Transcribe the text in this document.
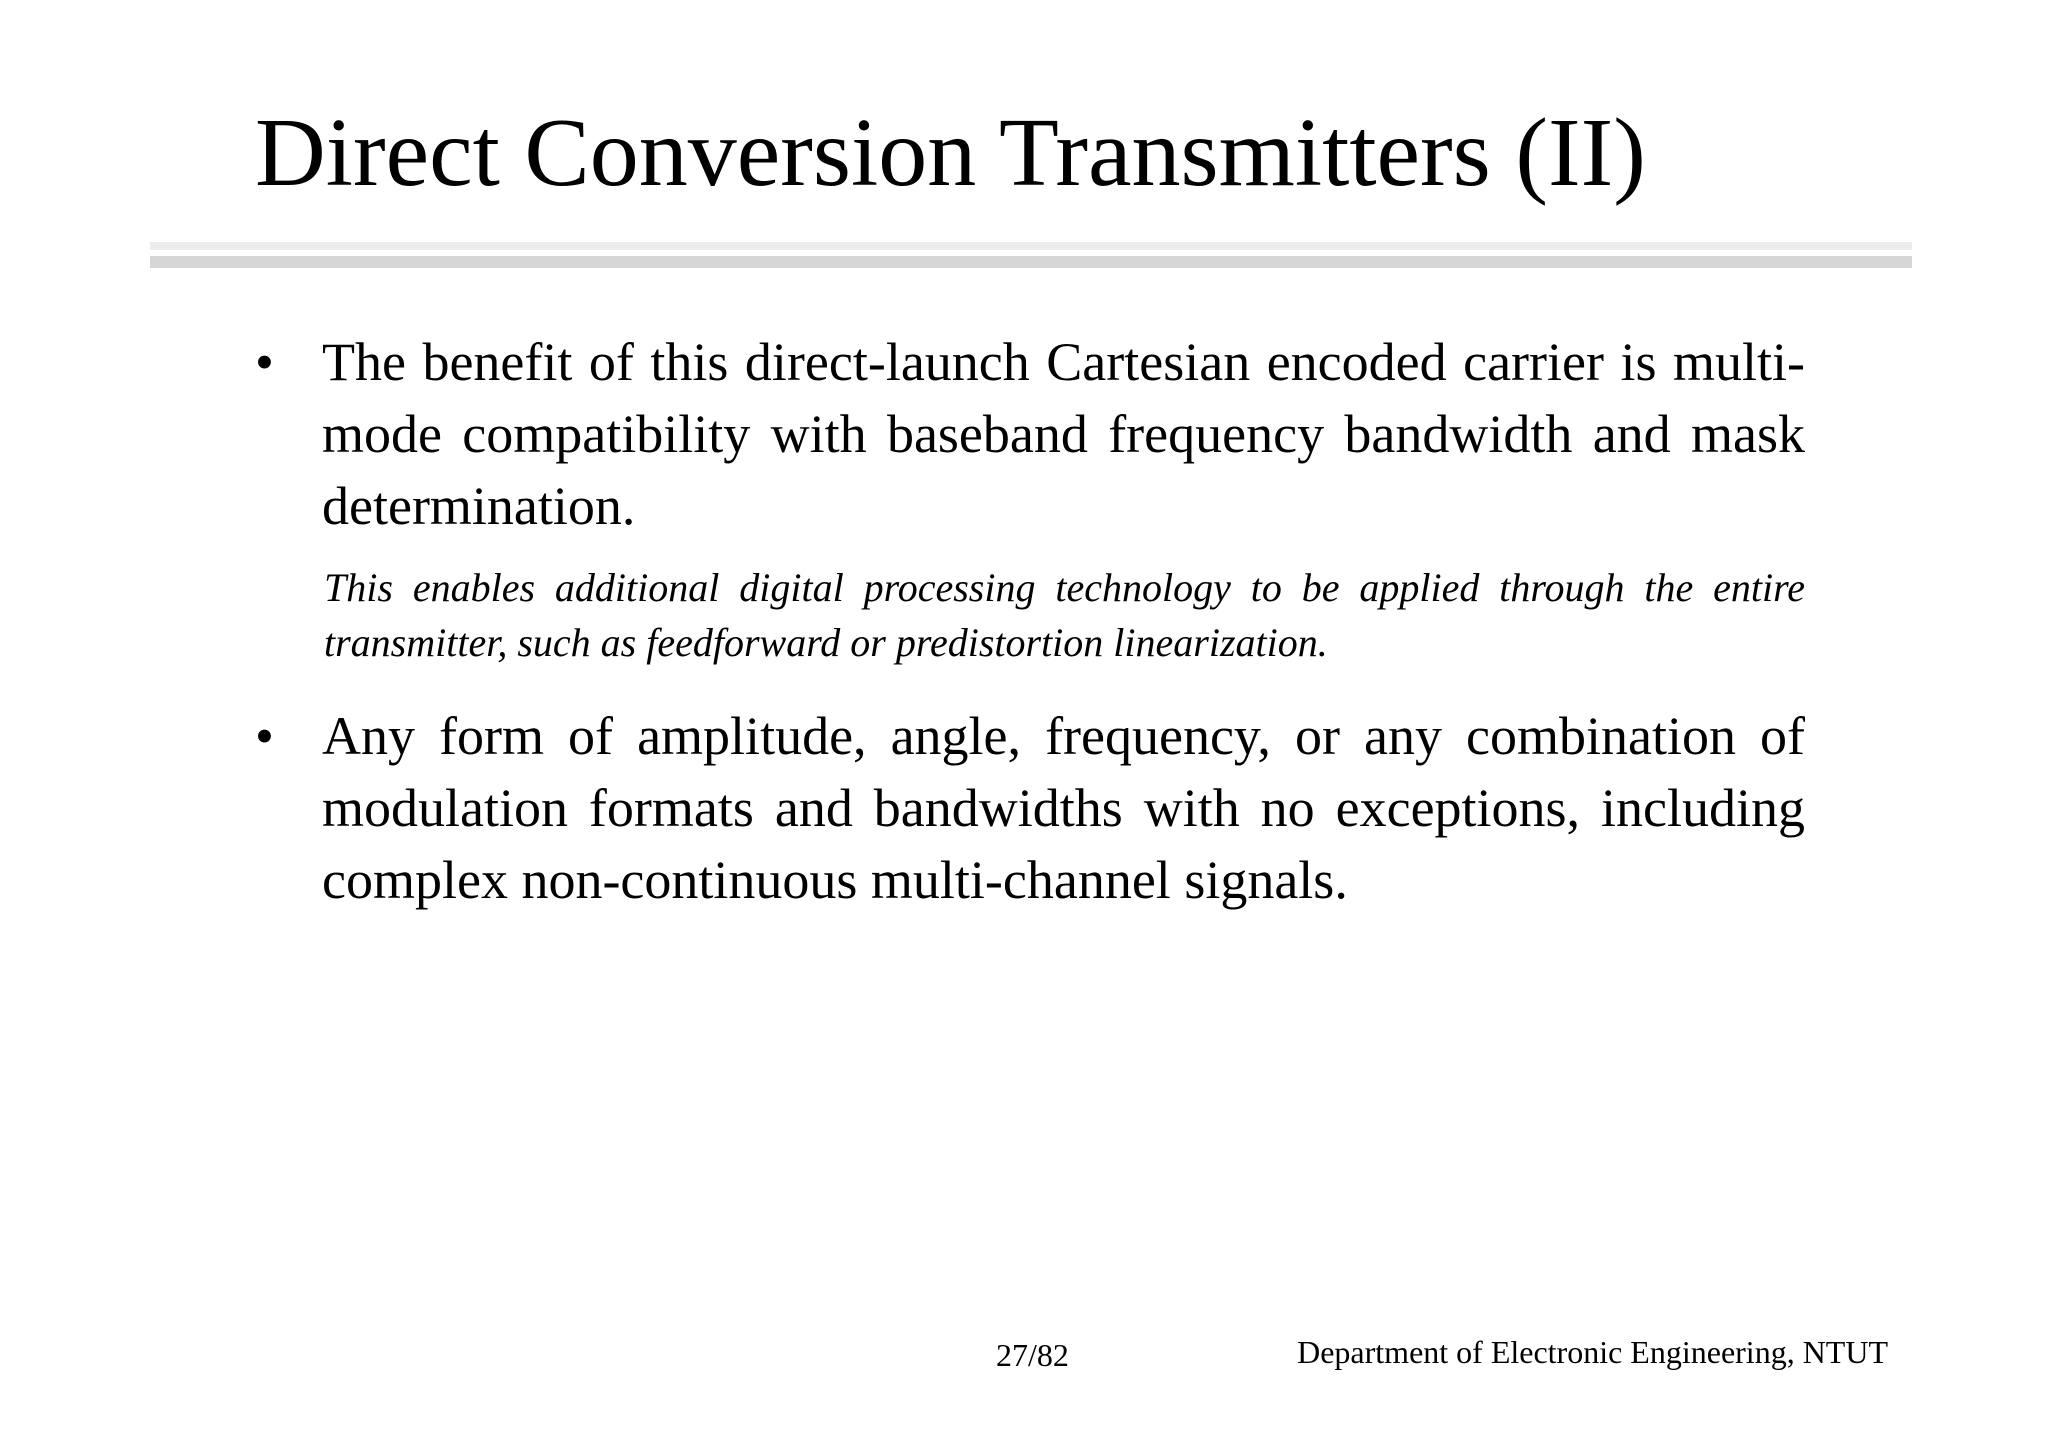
Direct Conversion Transmitters (II)
• The benefit of this direct-launch Cartesian encoded carrier is multi-mode compatibility with baseband frequency bandwidth and mask determination.
This enables additional digital processing technology to be applied through the entire transmitter, such as feedforward or predistortion linearization.
• Any form of amplitude, angle, frequency, or any combination of modulation formats and bandwidths with no exceptions, including complex non-continuous multi-channel signals.
27/82	Department of Electronic Engineering, NTUT
